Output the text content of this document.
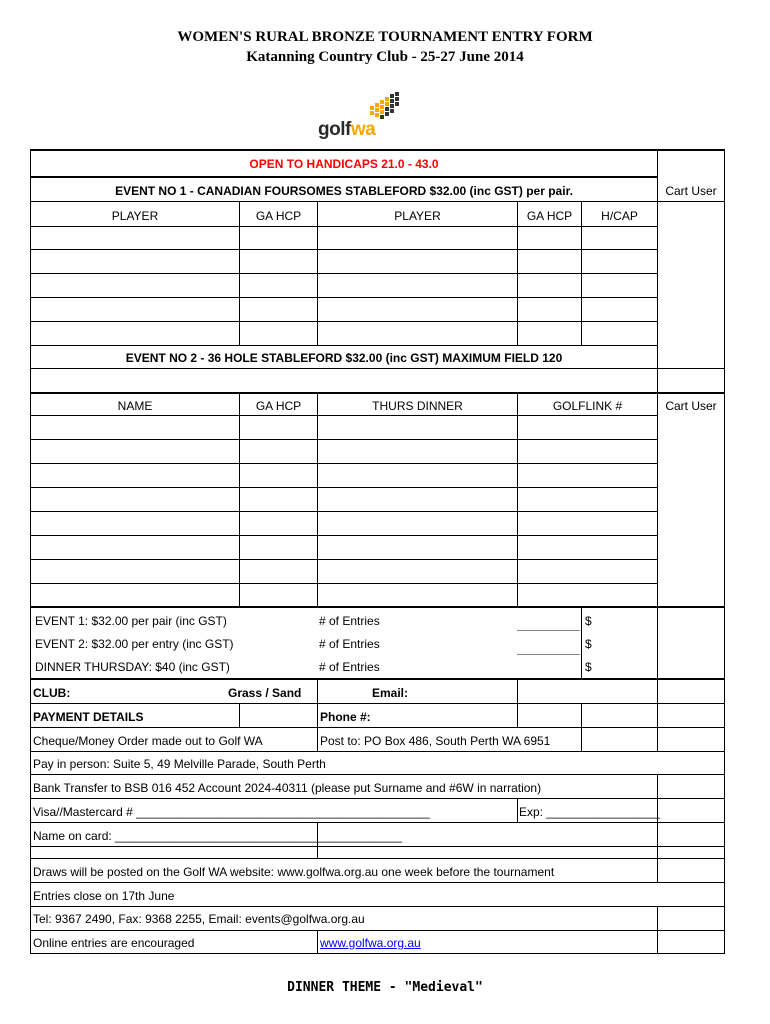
WOMEN'S RURAL BRONZE TOURNAMENT ENTRY FORM
Katanning Country Club - 25-27 June 2014
golfwa
OPEN TO HANDICAPS 21.0 - 43.0
EVENT NO 1 - CANADIAN FOURSOMES STABLEFORD $32.00 (inc GST) per pair.	Cart User
PLAYER	GA HCP	PLAYER	GA HCP	H/CAP
EVENT NO 2 - 36 HOLE STABLEFORD $32.00 (inc GST) MAXIMUM FIELD 120
NAME	GA HCP	THURS DINNER	GOLFLINK #	Cart User
EVENT 1: $32.00 per pair (inc GST)	# of Entries	$
EVENT 2: $32.00 per entry (inc GST)	# of Entries	$
DINNER THURSDAY: $40 (inc GST)	# of Entries	$
CLUB:	Grass / Sand	Email:
PAYMENT DETAILS	Phone #:
Cheque/Money Order made out to Golf WA	Post to: PO Box 486, South Perth WA 6951
Pay in person: Suite 5, 49 Melville Parade, South Perth
Bank Transfer to BSB 016 452 Account 2024-40311 (please put Surname and #6W in narration)
Visa//Mastercard # ____________________________________________	Exp: _________________
Name on card: ___________________________________________
Draws will be posted on the Golf WA website: www.golfwa.org.au one week before the tournament
Entries close on 17th June
Tel: 9367 2490, Fax: 9368 2255, Email: events@golfwa.org.au
Online entries are encouraged	www.golfwa.org.au
DINNER THEME - "Medieval"
